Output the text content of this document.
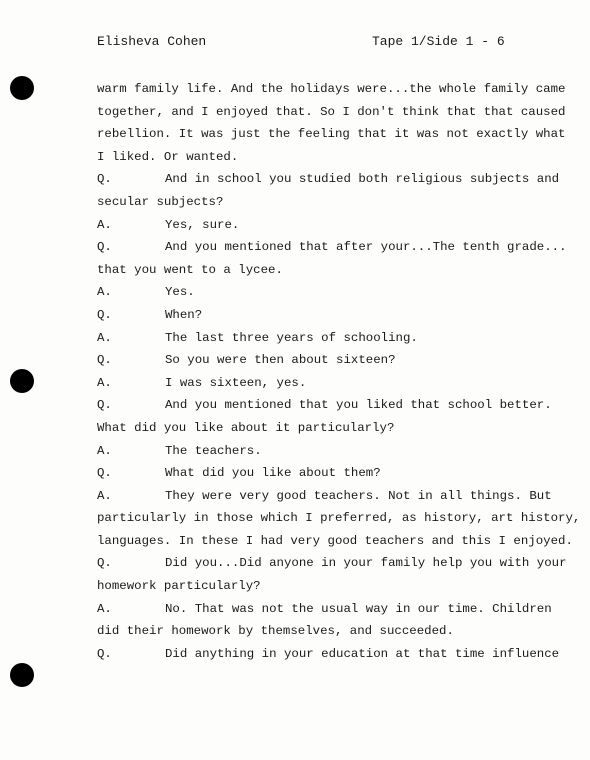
Elisheva Cohen	Tape 1/Side 1 - 6
warm family life. And the holidays were...the whole family came
together, and I enjoyed that. So I don't think that that caused
rebellion. It was just the feeling that it was not exactly what
I liked. Or wanted.
Q.	And in school you studied both religious subjects and
secular subjects?
A.	Yes, sure.
Q.	And you mentioned that after your...The tenth grade...
that you went to a lycee.
A.	Yes.
Q.	When?
A.	The last three years of schooling.
Q.	So you were then about sixteen?
A.	I was sixteen, yes.
Q.	And you mentioned that you liked that school better.
What did you like about it particularly?
A.	The teachers.
Q.	What did you like about them?
A.	They were very good teachers. Not in all things. But
particularly in those which I preferred, as history, art history,
languages. In these I had very good teachers and this I enjoyed.
Q.	Did you...Did anyone in your family help you with your
homework particularly?
A.	No. That was not the usual way in our time. Children
did their homework by themselves, and succeeded.
Q.	Did anything in your education at that time influence
